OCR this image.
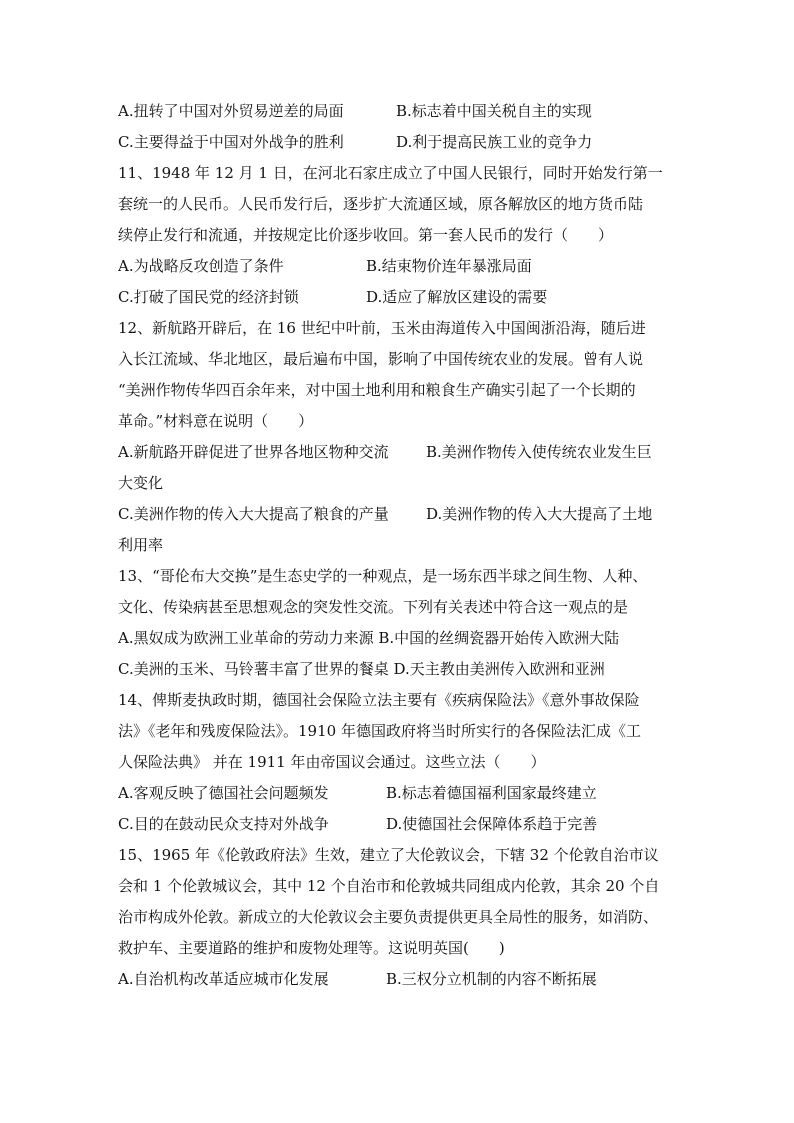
A.扭转了中国对外贸易逆差的局面	B.标志着中国关税自主的实现
C.主要得益于中国对外战争的胜利	D.利于提高民族工业的竞争力
11、1948 年 12 月 1 日，在河北石家庄成立了中国人民银行，同时开始发行第一
套统一的人民币。人民币发行后，逐步扩大流通区域，原各解放区的地方货币陆
续停止发行和流通，并按规定比价逐步收回。第一套人民币的发行（　　）
A.为战略反攻创造了条件	B.结束物价连年暴涨局面
C.打破了国民党的经济封锁	D.适应了解放区建设的需要
12、新航路开辟后，在 16 世纪中叶前，玉米由海道传入中国闽浙沿海，随后进
入长江流域、华北地区，最后遍布中国，影响了中国传统农业的发展。曾有人说
“美洲作物传华四百余年来，对中国土地利用和粮食生产确实引起了一个长期的
革命。”材料意在说明（　　）
A.新航路开辟促进了世界各地区物种交流	B.美洲作物传入使传统农业发生巨
大变化
C.美洲作物的传入大大提高了粮食的产量	D.美洲作物的传入大大提高了土地
利用率
13、“哥伦布大交换”是生态史学的一种观点，是一场东西半球之间生物、人种、
文化、传染病甚至思想观念的突发性交流。下列有关表述中符合这一观点的是
A.黑奴成为欧洲工业革命的劳动力来源 B.中国的丝绸瓷器开始传入欧洲大陆
C.美洲的玉米、马铃薯丰富了世界的餐桌 D.天主教由美洲传入欧洲和亚洲
14、俾斯麦执政时期，德国社会保险立法主要有《疾病保险法》《意外事故保险
法》《老年和残废保险法》。1910 年德国政府将当时所实行的各保险法汇成《工
人保险法典》 并在 1911 年由帝国议会通过。这些立法（　　）
A.客观反映了德国社会问题频发	B.标志着德国福利国家最终建立
C.目的在鼓动民众支持对外战争	D.使德国社会保障体系趋于完善
15、1965 年《伦敦政府法》生效，建立了大伦敦议会，下辖 32 个伦敦自治市议
会和 1 个伦敦城议会，其中 12 个自治市和伦敦城共同组成内伦敦，其余 20 个自
治市构成外伦敦。新成立的大伦敦议会主要负责提供更具全局性的服务，如消防、
救护车、主要道路的维护和废物处理等。这说明英国(　　)
A.自治机构改革适应城市化发展	B.三权分立机制的内容不断拓展
